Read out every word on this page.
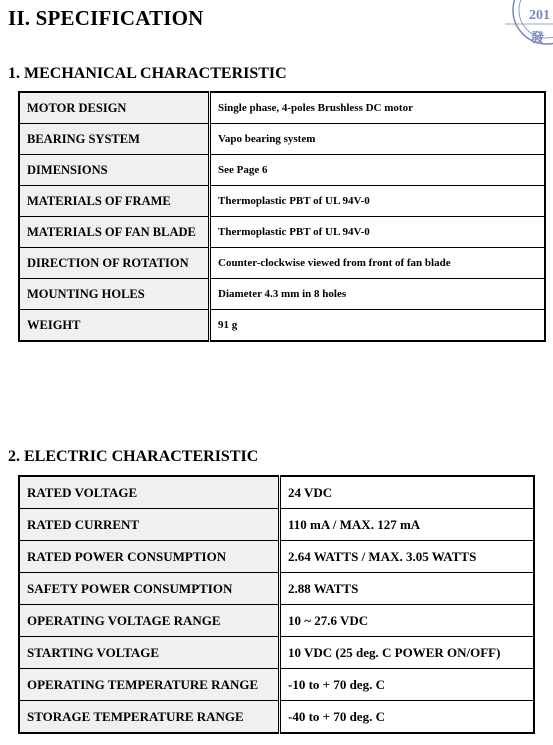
II. SPECIFICATION	201
發
1. MECHANICAL CHARACTERISTIC
MOTOR DESIGN	Single phase, 4-poles Brushless DC motor
BEARING SYSTEM	Vapo bearing system
DIMENSIONS	See Page 6
MATERIALS OF FRAME	Thermoplastic PBT of UL 94V-0
MATERIALS OF FAN BLADE	Thermoplastic PBT of UL 94V-0
DIRECTION OF ROTATION	Counter-clockwise viewed from front of fan blade
MOUNTING HOLES	Diameter 4.3 mm in 8 holes
WEIGHT	91 g
2. ELECTRIC CHARACTERISTIC
RATED VOLTAGE	24 VDC
RATED CURRENT	110 mA / MAX. 127 mA
RATED POWER CONSUMPTION	2.64 WATTS / MAX. 3.05 WATTS
SAFETY POWER CONSUMPTION	2.88 WATTS
OPERATING VOLTAGE RANGE	10 ~ 27.6 VDC
STARTING VOLTAGE	10 VDC (25 deg. C POWER ON/OFF)
OPERATING TEMPERATURE RANGE	-10 to + 70 deg. C
STORAGE TEMPERATURE RANGE	-40 to + 70 deg. C
